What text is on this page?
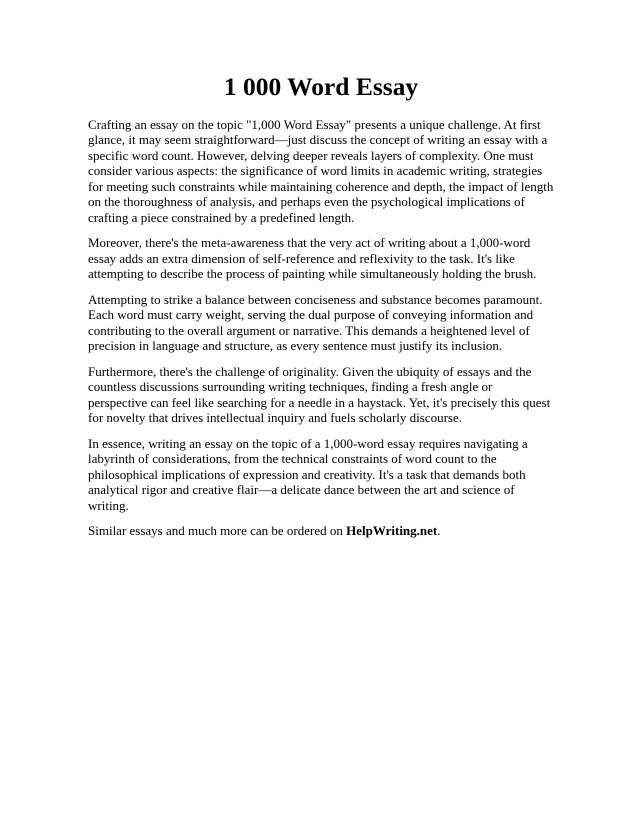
1 000 Word Essay

Crafting an essay on the topic "1,000 Word Essay" presents a unique challenge. At first glance, it may seem straightforward—just discuss the concept of writing an essay with a specific word count. However, delving deeper reveals layers of complexity. One must consider various aspects: the significance of word limits in academic writing, strategies for meeting such constraints while maintaining coherence and depth, the impact of length on the thoroughness of analysis, and perhaps even the psychological implications of crafting a piece constrained by a predefined length.

Moreover, there's the meta-awareness that the very act of writing about a 1,000-word essay adds an extra dimension of self-reference and reflexivity to the task. It's like attempting to describe the process of painting while simultaneously holding the brush.

Attempting to strike a balance between conciseness and substance becomes paramount. Each word must carry weight, serving the dual purpose of conveying information and contributing to the overall argument or narrative. This demands a heightened level of precision in language and structure, as every sentence must justify its inclusion.

Furthermore, there's the challenge of originality. Given the ubiquity of essays and the countless discussions surrounding writing techniques, finding a fresh angle or perspective can feel like searching for a needle in a haystack. Yet, it's precisely this quest for novelty that drives intellectual inquiry and fuels scholarly discourse.

In essence, writing an essay on the topic of a 1,000-word essay requires navigating a labyrinth of considerations, from the technical constraints of word count to the philosophical implications of expression and creativity. It's a task that demands both analytical rigor and creative flair—a delicate dance between the art and science of writing.

Similar essays and much more can be ordered on HelpWriting.net.
